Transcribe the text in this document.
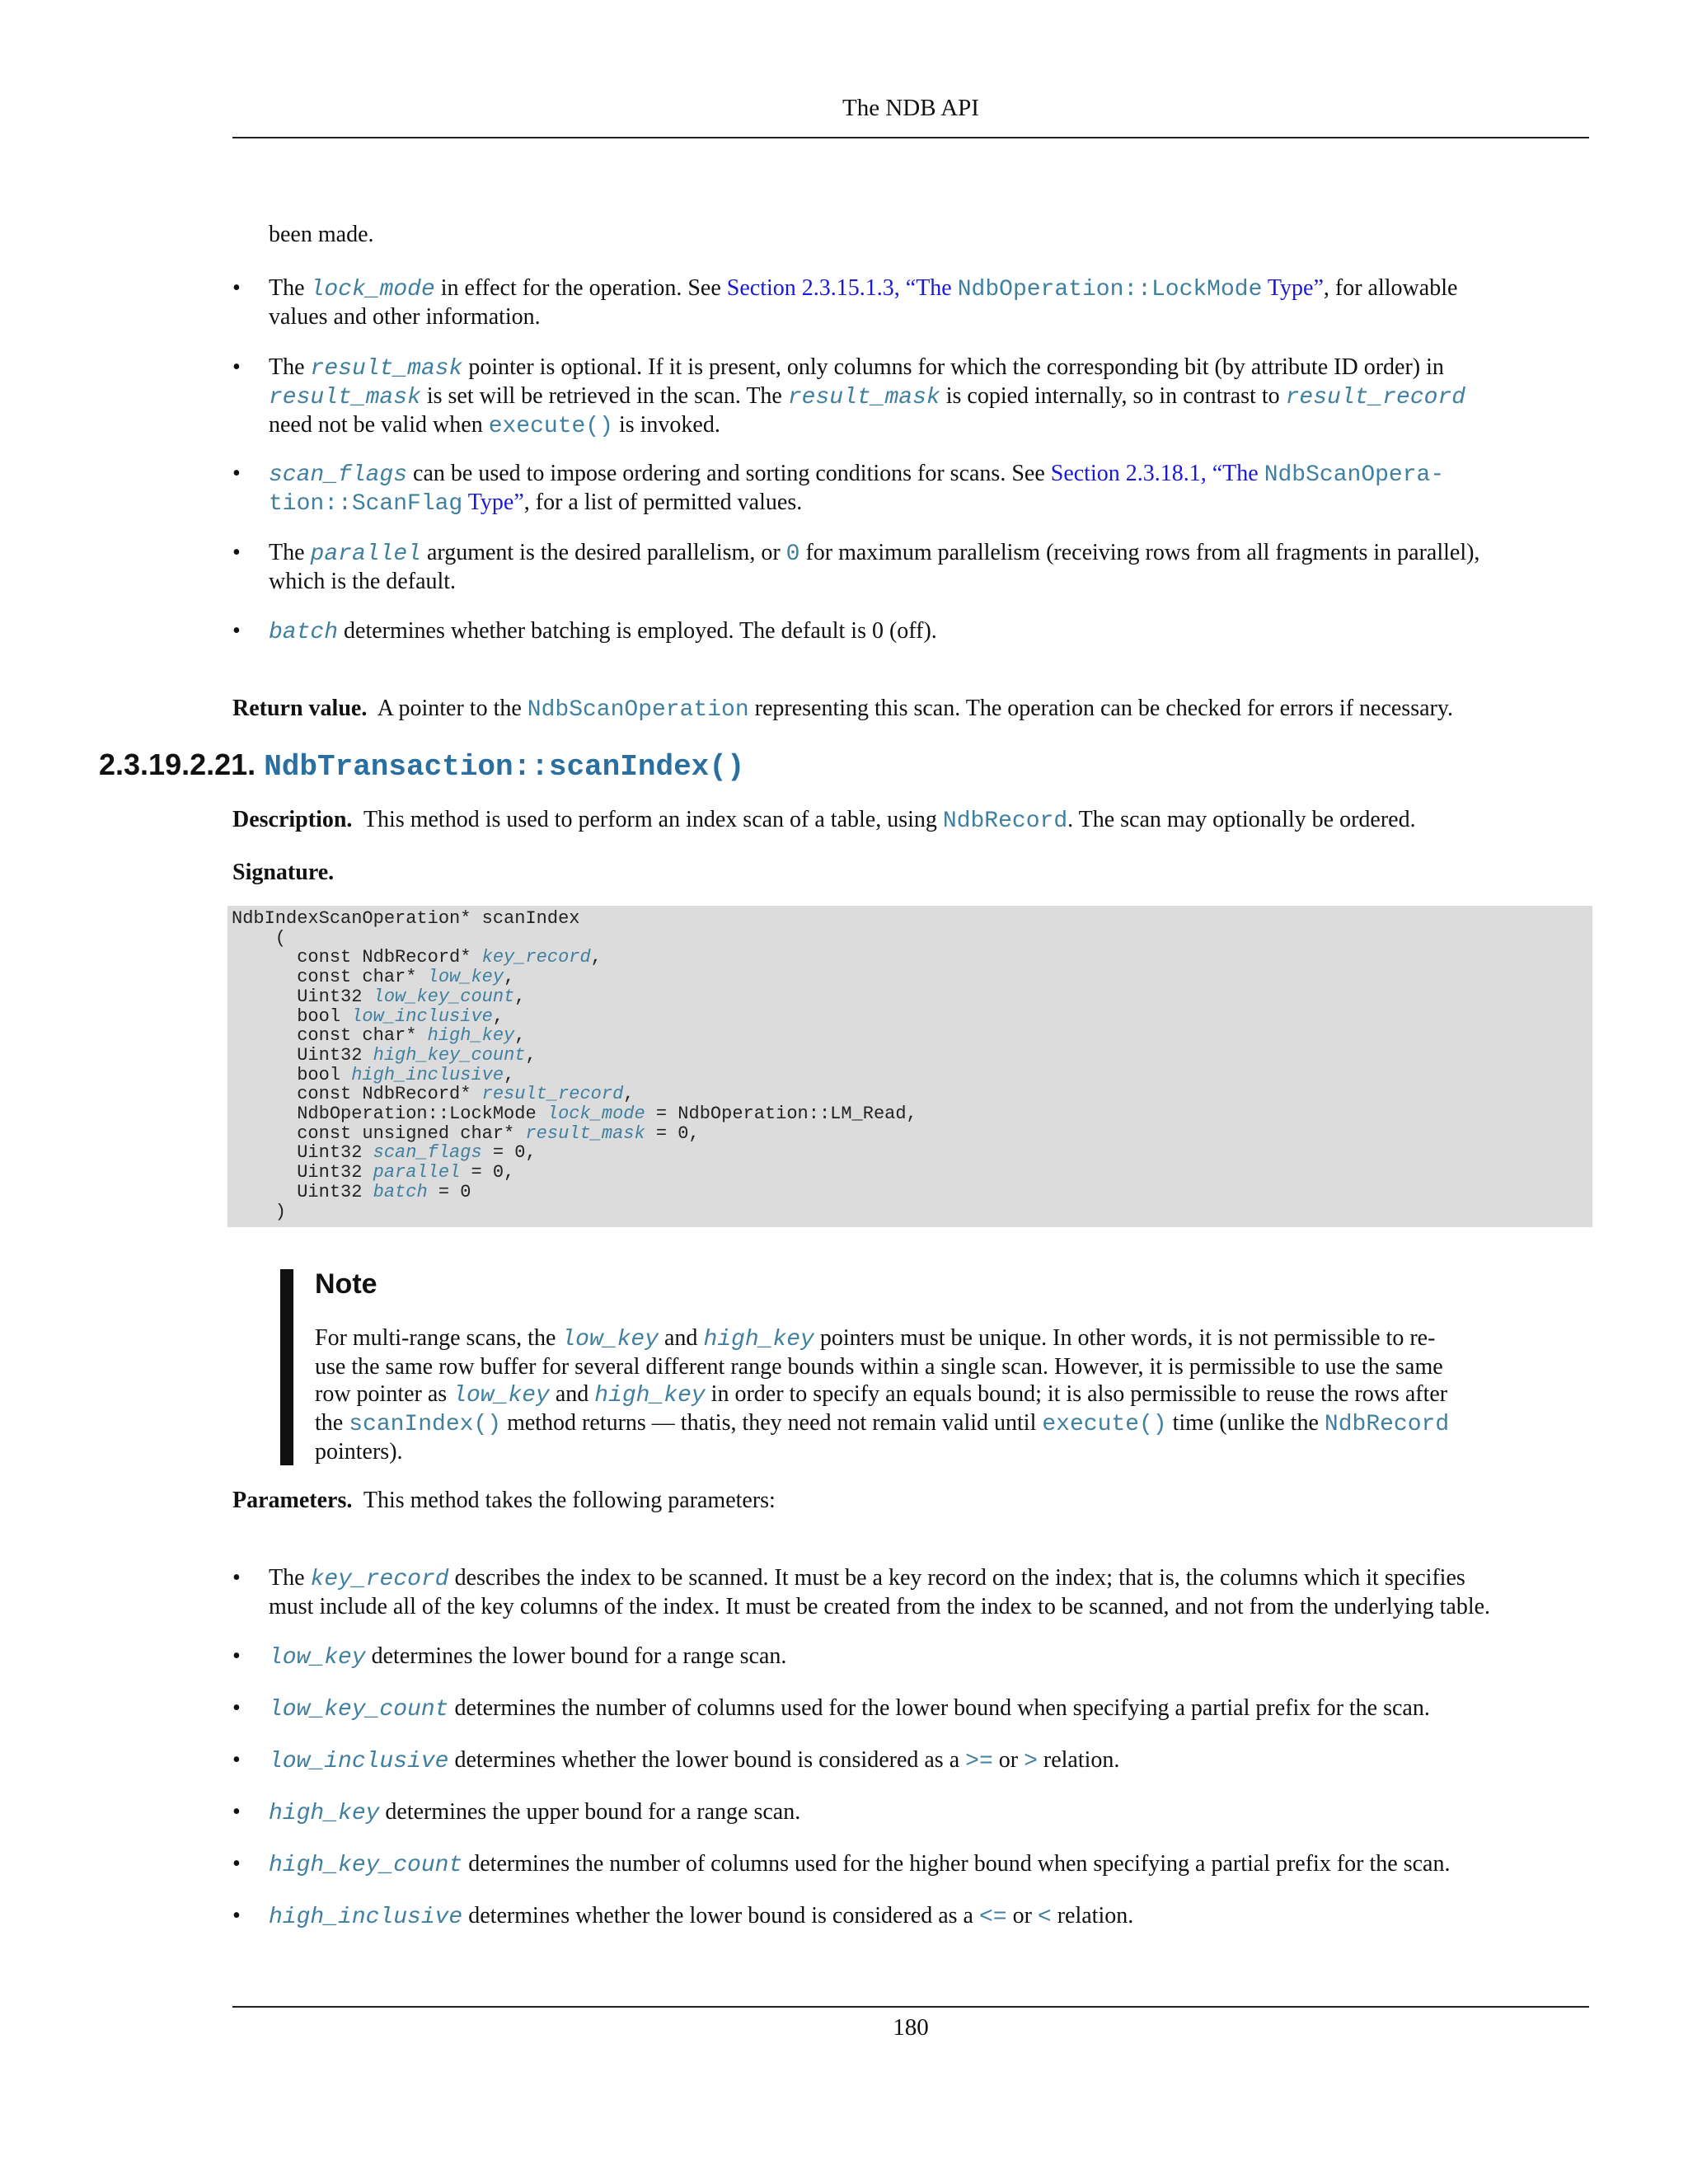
The NDB API
been made.
•	The lock_mode in effect for the operation. See Section 2.3.15.1.3, “The NdbOperation::LockMode Type”, for allowable
values and other information.
•	The result_mask pointer is optional. If it is present, only columns for which the corresponding bit (by attribute ID order) in
result_mask is set will be retrieved in the scan. The result_mask is copied internally, so in contrast to result_record
need not be valid when execute() is invoked.
•	scan_flags can be used to impose ordering and sorting conditions for scans. See Section 2.3.18.1, “The NdbScanOpera-
tion::ScanFlag Type”, for a list of permitted values.
•	The parallel argument is the desired parallelism, or 0 for maximum parallelism (receiving rows from all fragments in parallel),
which is the default.
•	batch determines whether batching is employed. The default is 0 (off).
Return value. A pointer to the NdbScanOperation representing this scan. The operation can be checked for errors if necessary.
2.3.19.2.21. NdbTransaction::scanIndex()
Description. This method is used to perform an index scan of a table, using NdbRecord. The scan may optionally be ordered.
Signature.
NdbIndexScanOperation* scanIndex
(
const NdbRecord* key_record,
const char* low_key,
Uint32 low_key_count,
bool low_inclusive,
const char* high_key,
Uint32 high_key_count,
bool high_inclusive,
const NdbRecord* result_record,
NdbOperation::LockMode lock_mode = NdbOperation::LM_Read,
const unsigned char* result_mask = 0,
Uint32 scan_flags = 0,
Uint32 parallel = 0,
Uint32 batch = 0
)
Note
For multi-range scans, the low_key and high_key pointers must be unique. In other words, it is not permissible to re-
use the same row buffer for several different range bounds within a single scan. However, it is permissible to use the same
row pointer as low_key and high_key in order to specify an equals bound; it is also permissible to reuse the rows after
the scanIndex() method returns — thatis, they need not remain valid until execute() time (unlike the NdbRecord
pointers).
Parameters. This method takes the following parameters:
•	The key_record describes the index to be scanned. It must be a key record on the index; that is, the columns which it specifies
must include all of the key columns of the index. It must be created from the index to be scanned, and not from the underlying table.
•	low_key determines the lower bound for a range scan.
•	low_key_count determines the number of columns used for the lower bound when specifying a partial prefix for the scan.
•	low_inclusive determines whether the lower bound is considered as a >= or > relation.
•	high_key determines the upper bound for a range scan.
•	high_key_count determines the number of columns used for the higher bound when specifying a partial prefix for the scan.
•	high_inclusive determines whether the lower bound is considered as a <= or < relation.
180
